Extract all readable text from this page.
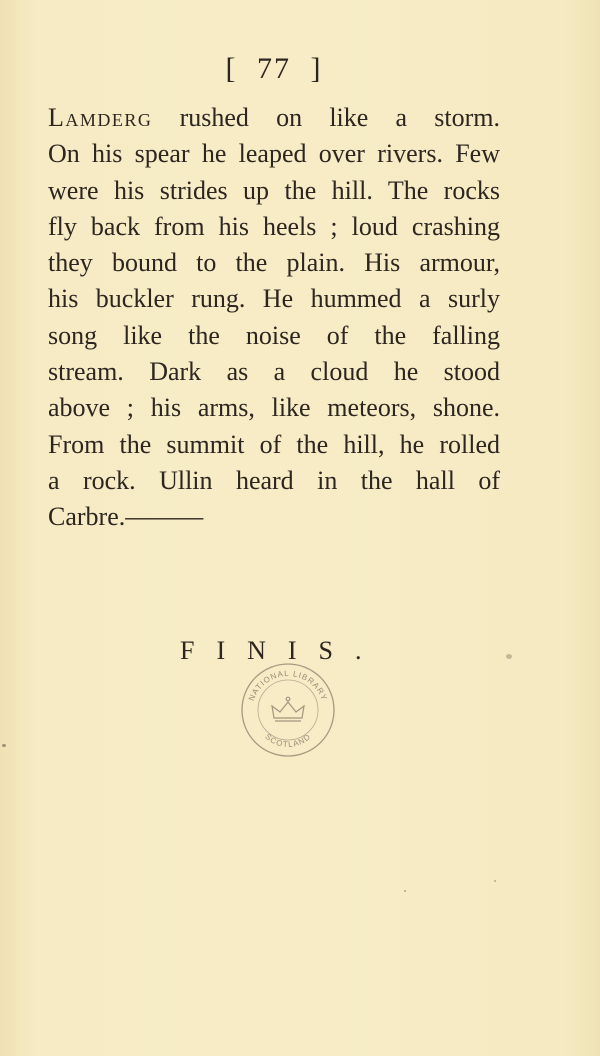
[ 77 ]
Lamderg rushed on like a storm.
On his spear he leaped over rivers. Few
were his strides up the hill. The rocks
fly back from his heels ; loud crashing
they bound to the plain. His armour,
his buckler rung. He hummed a surly
song like the noise of the falling
stream. Dark as a cloud he stood
above ; his arms, like meteors, shone.
From the summit of the hill, he rolled
a rock. Ullin heard in the hall of
Carbre.———
FINIS.
NATIONAL LIBRARY
SCOTLAND
